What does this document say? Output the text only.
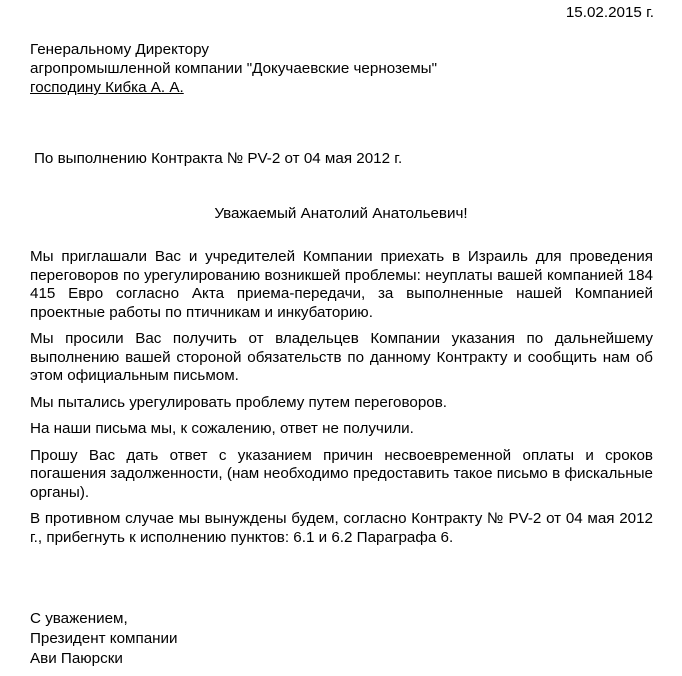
15.02.2015 г.
Генеральному Директору
агропромышленной компании "Докучаевские черноземы"
господину Кибка А. А.
По выполнению Контракта № PV-2 от 04 мая 2012 г.
Уважаемый Анатолий Анатольевич!

Мы приглашали Вас и учредителей Компании приехать в Израиль для проведения переговоров по урегулированию возникшей проблемы: неуплаты вашей компанией 184 415 Евро согласно Акта приема-передачи, за выполненные нашей Компанией проектные работы по птичникам и инкубаторию.

Мы просили Вас получить от владельцев Компании указания по дальнейшему выполнению вашей стороной обязательств по данному Контракту и сообщить нам об этом официальным письмом.

Мы пытались урегулировать проблему путем переговоров.

На наши письма мы, к сожалению, ответ не получили.

Прошу Вас дать ответ с указанием причин несвоевременной оплаты и сроков погашения задолженности, (нам необходимо предоставить такое письмо в фискальные органы).

В противном случае мы вынуждены будем, согласно Контракту № PV-2 от 04 мая 2012 г., прибегнуть к исполнению пунктов: 6.1 и 6.2 Параграфа 6.

С уважением,
Президент компании
Ави Паюрски
